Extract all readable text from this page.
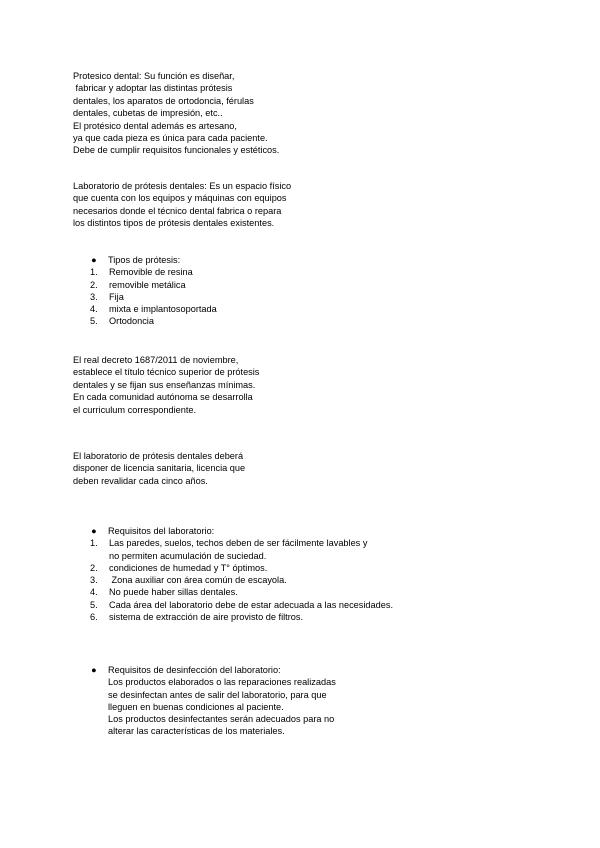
Protesico dental: Su función es diseñar,
fabricar y adoptar las distintas prótesis
dentales, los aparatos de ortodoncia, férulas
dentales, cubetas de impresión, etc..
El protésico dental además es artesano,
ya que cada pieza es única para cada paciente.
Debe de cumplir requisitos funcionales y estéticos.

Laboratorio de prótesis dentales: Es un espacio físico
que cuenta con los equipos y máquinas con equipos
necesarios donde el técnico dental fabrica o repara
los distintos tipos de prótesis dentales existentes.

● Tipos de prótesis:
1. Removible de resina
2. removible metálica
3. Fija
4. mixta e implantosoportada
5. Ortodoncia

El real decreto 1687/2011 de noviembre,
establece el título técnico superior de prótesis
dentales y se fijan sus enseñanzas mínimas.
En cada comunidad autónoma se desarrolla
el curriculum correspondiente.

El laboratorio de prótesis dentales deberá
disponer de licencia sanitaria, licencia que
deben revalidar cada cinco años.

● Requisitos del laboratorio:
1. Las paredes, suelos, techos deben de ser fácilmente lavables y
no permiten acumulación de suciedad.
2. condiciones de humedad y T° óptimos.
3. Zona auxiliar con área común de escayola.
4. No puede haber sillas dentales.
5. Cada área del laboratorio debe de estar adecuada a las necesidades.
6. sistema de extracción de aire provisto de filtros.
● Requisitos de desinfección del laboratorio:
Los productos elaborados o las reparaciones realizadas
se desinfectan antes de salir del laboratorio, para que
lleguen en buenas condiciones al paciente.
Los productos desinfectantes serán adecuados para no
alterar las características de los materiales.
